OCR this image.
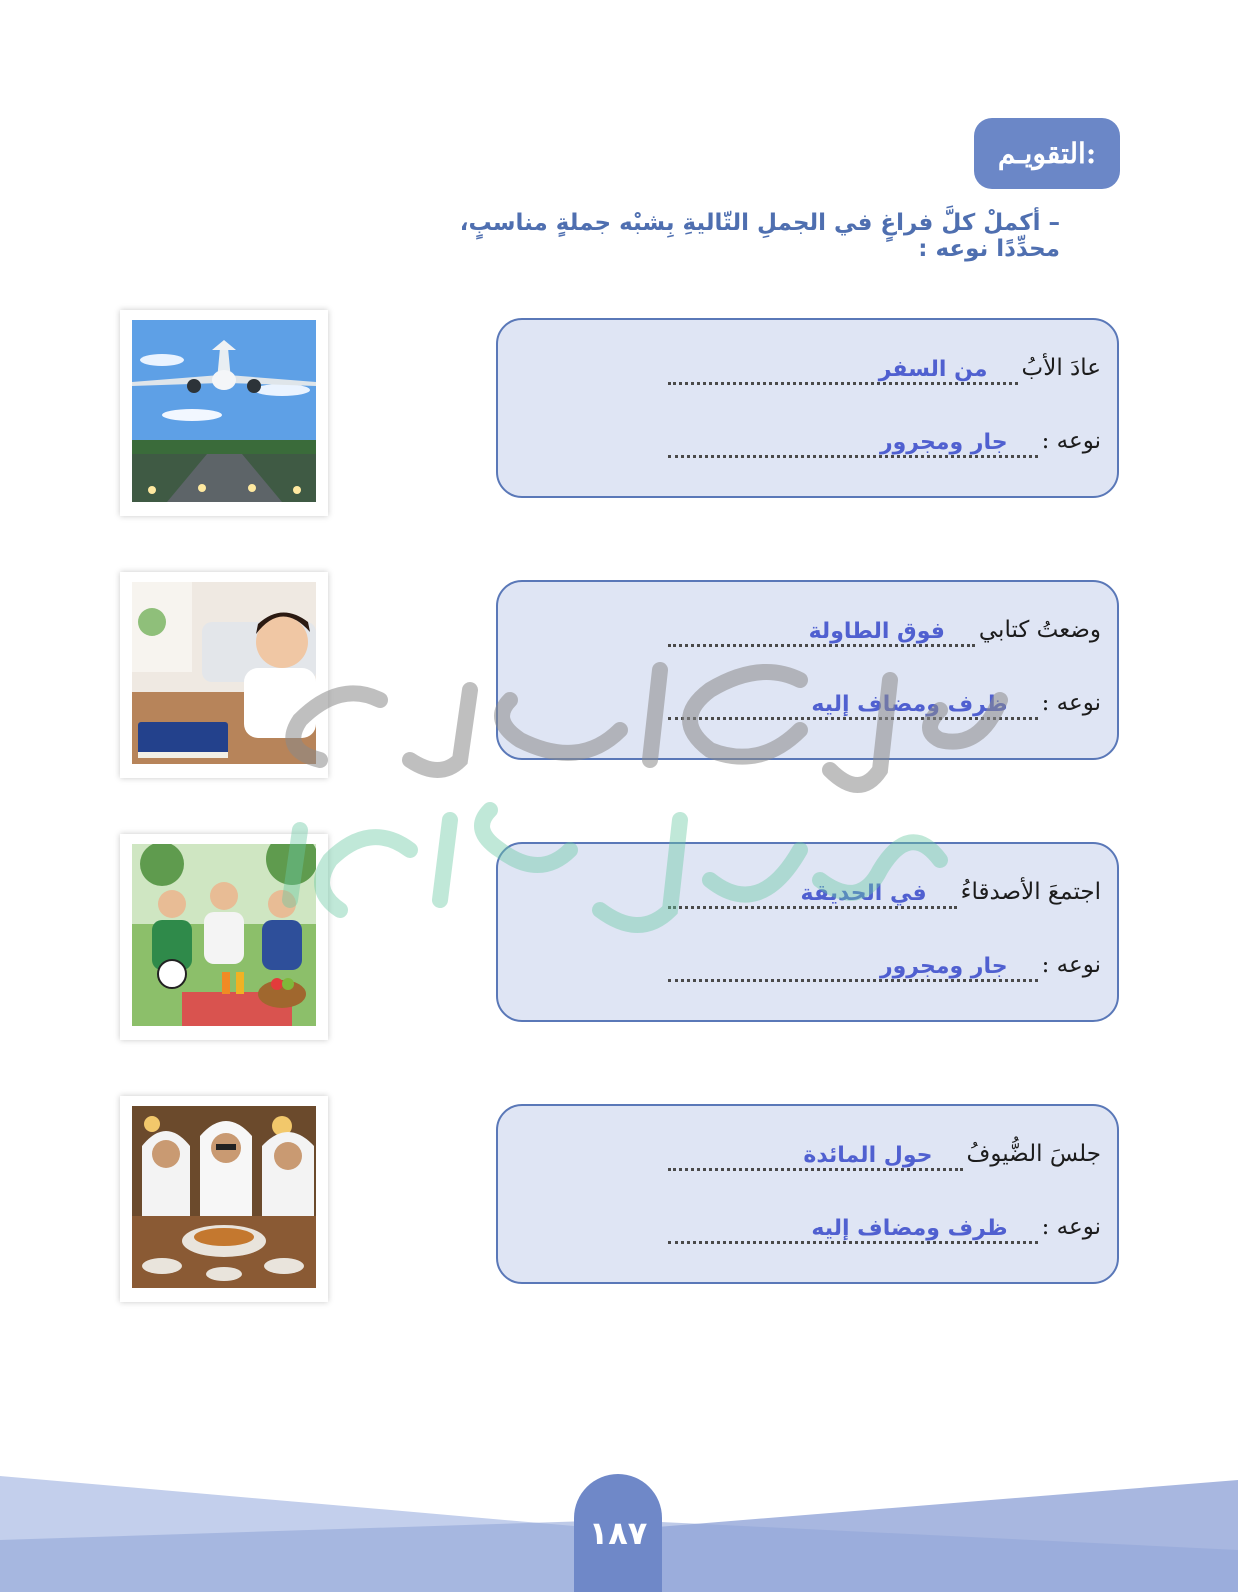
التقويـم:
– أكملْ كلَّ فراغٍ في الجملِ التّاليةِ بِشبْه جملةٍ مناسبٍ، محدِّدًا نوعه :
عادَ الأبُ
من السفر
نوعه :
جار ومجرور
وضعتُ كتابي
فوق الطاولة
نوعه :
ظرف ومضاف إليه
اجتمعَ الأصدقاءُ
في الحديقة
نوعه :
جار ومجرور
جلسَ الضُّيوفُ
حول المائدة
نوعه :
ظرف ومضاف إليه
١٨٧
